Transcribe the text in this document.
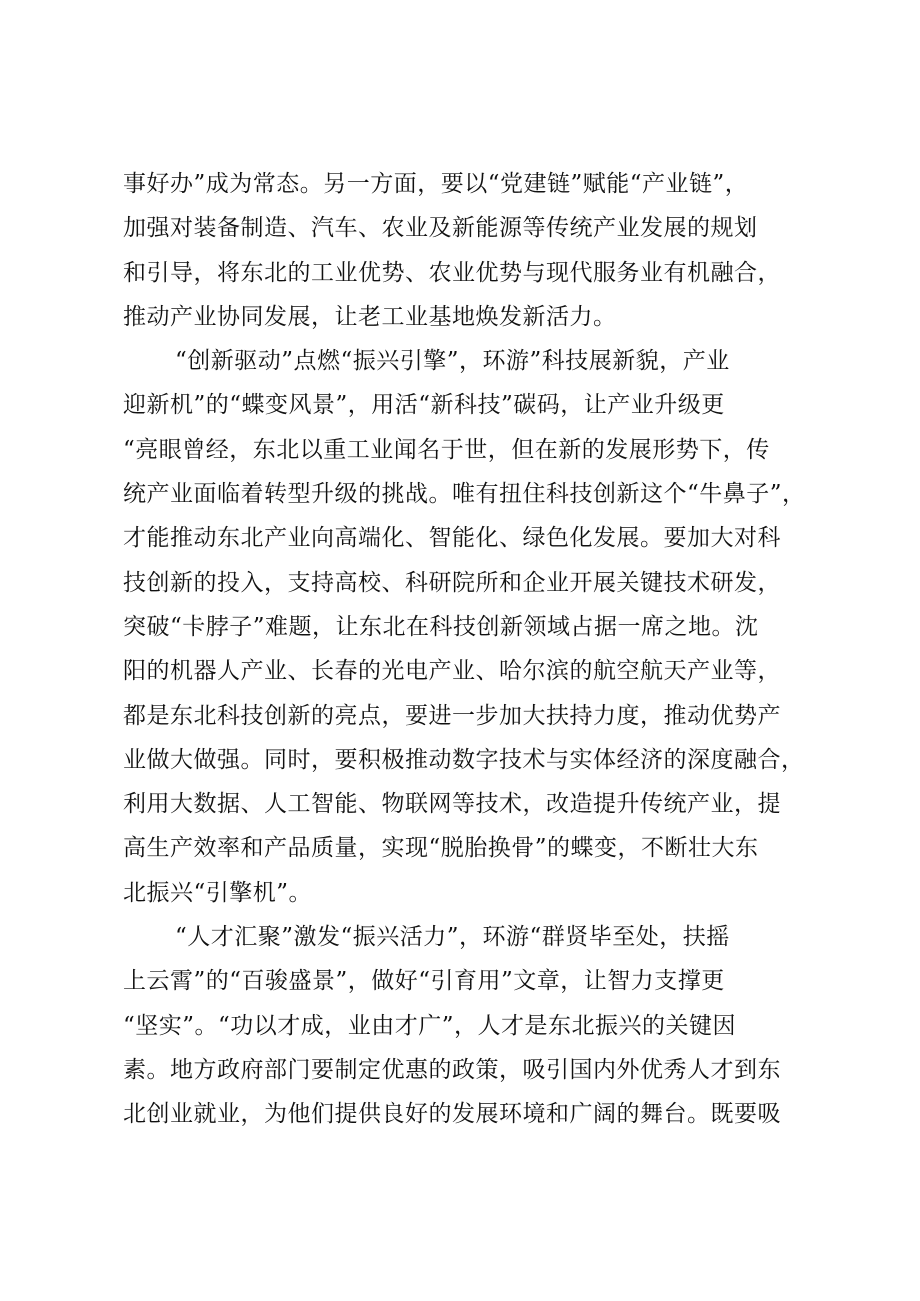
事好办”成为常态。另一方面，要以“党建链”赋能“产业链”，
加强对装备制造、汽车、农业及新能源等传统产业发展的规划
和引导，将东北的工业优势、农业优势与现代服务业有机融合，
推动产业协同发展，让老工业基地焕发新活力。
“创新驱动”点燃“振兴引擎”，环游”科技展新貌，产业
迎新机”的“蝶变风景”，用活“新科技”碳码，让产业升级更
“亮眼曾经，东北以重工业闻名于世，但在新的发展形势下，传
统产业面临着转型升级的挑战。唯有扭住科技创新这个“牛鼻子”，
才能推动东北产业向高端化、智能化、绿色化发展。要加大对科
技创新的投入，支持高校、科研院所和企业开展关键技术研发，
突破“卡脖子”难题，让东北在科技创新领域占据一席之地。沈
阳的机器人产业、长春的光电产业、哈尔滨的航空航天产业等，
都是东北科技创新的亮点，要进一步加大扶持力度，推动优势产
业做大做强。同时，要积极推动数字技术与实体经济的深度融合，
利用大数据、人工智能、物联网等技术，改造提升传统产业，提
高生产效率和产品质量，实现“脱胎换骨”的蝶变，不断壮大东
北振兴“引擎机”。
“人才汇聚”激发“振兴活力”，环游“群贤毕至处，扶摇
上云霄”的“百骏盛景”，做好“引育用”文章，让智力支撑更
“坚实”。“功以才成，业由才广”，人才是东北振兴的关键因
素。地方政府部门要制定优惠的政策，吸引国内外优秀人才到东
北创业就业，为他们提供良好的发展环境和广阔的舞台。既要吸
